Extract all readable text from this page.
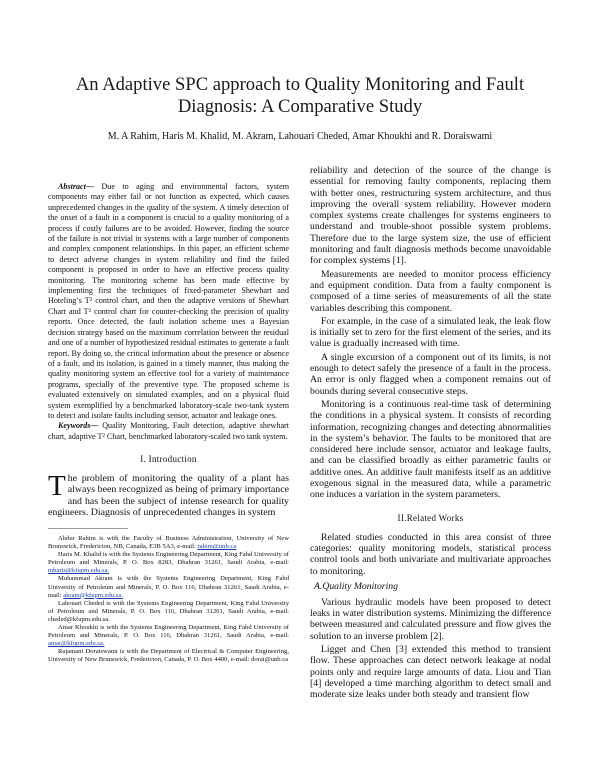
An Adaptive SPC approach to Quality Monitoring and Fault Diagnosis: A Comparative Study
M. A Rahim, Haris M. Khalid, M. Akram, Lahouari Cheded, Amar Khoukhi and R. Doraiswami

Abstract— Due to aging and environmental factors, system components may either fail or not function as expected, which causes unprecedented changes in the quality of the system. A timely detection of the onset of a fault in a component is crucial to a quality monitoring of a process if costly failures are to be avoided. However, finding the source of the failure is not trivial in systems with a large number of components and complex component relationships. In this paper, an efficient scheme to detect adverse changes in system reliability and find the failed component is proposed in order to have an effective process quality monitoring. The monitoring scheme has been made effective by implementing first the techniques of fixed-parameter Shewhart and Hoteling’s T² control chart, and then the adaptive versions of Shewhart Chart and T² control chart for counter-checking the precision of quality reports. Once detected, the fault isolation scheme uses a Bayesian decision strategy based on the maximum correlation between the residual and one of a number of hypothesized residual estimates to generate a fault report. By doing so, the critical information about the presence or absence of a fault, and its isolation, is gained in a timely manner, thus making the quality monitoring system an effective tool for a variety of maintenance programs, specially of the preventive type. The proposed scheme is evaluated extensively on simulated examples, and on a physical fluid system exemplified by a benchmarked laboratory-scale two-tank system to detect and isolate faults including sensor, actuator and leakage ones.

Keywords— Quality Monitoring, Fault detection, adaptive shewhart chart, adaptive T² Chart, benchmarked laboratory-scaled two tank system.

I. Introduction

The problem of monitoring the quality of a plant has always been recognized as being of primary importance and has been the subject of intense research for quality engineers. Diagnosis of unprecedented changes in system

Abdur Rahim is with the Faculty of Business Administration, University of New Brunswick, Fredericton, NB, Canada, E3B 5A3, e-mail: rahim@unb.ca

Haris M. Khalid is with the Systems Engineering Department, King Fahd University of Petroleum and Minerals, P. O. Box 8283, Dhahran 31261, Saudi Arabia, e-mail: mharis@kfupm.edu.sa.

Muhammad Akram is with the Systems Engineering Department, King Fahd University of Petroleum and Minerals, P. O. Box 116, Dhahran 31261, Saudi Arabia, e-mail: akram@kfupm.edu.sa.

Lahouari Cheded is with the Systems Engineering Department, King Fahd University of Petroleum and Minerals, P. O. Box 116, Dhahran 31261, Saudi Arabia, e-mail: cheded@kfupm.edu.sa.

Amar Khoukhi is with the Systems Engineering Department, King Fahd University of Petroleum and Minerals, P. O. Box 116, Dhahran 31261, Saudi Arabia, e-mail: amar@kfupm.edu.sa.

Rajamani Doraiswami is with the Department of Electrical & Computer Engineering, University of New Brunswick, Fredericton, Canada, P. O. Box 4400, e-mail: dorai@unb.ca

reliability and detection of the source of the change is essential for removing faulty components, replacing them with better ones, restructuring system architecture, and thus improving the overall system reliability. However modern complex systems create challenges for systems engineers to understand and trouble-shoot possible system problems. Therefore due to the large system size, the use of efficient monitoring and fault diagnosis methods become unavoidable for complex systems [1].

Measurements are needed to monitor process efficiency and equipment condition. Data from a faulty component is composed of a time series of measurements of all the state variables describing this component.

For example, in the case of a simulated leak, the leak flow is initially set to zero for the first element of the series, and its value is gradually increased with time.

A single excursion of a component out of its limits, is not enough to detect safely the presence of a fault in the process. An error is only flagged when a component remains out of bounds during several consecutive steps.

Monitoring is a continuous real-time task of determining the conditions in a physical system. It consists of recording information, recognizing changes and detecting abnormalities in the system’s behavior. The faults to be monitored that are considered here include sensor, actuator and leakage faults, and can be classified broadly as either parametric faults or additive ones. An additive fault manifests itself as an additive exogenous signal in the measured data, while a parametric one induces a variation in the system parameters.

II.Related Works

Related studies conducted in this area consist of three categories: quality monitoring models, statistical process control tools and both univariate and multivariate approaches to monitoring.

A.Quality Monitoring

Various hydraulic models have been proposed to detect leaks in water distribution systems. Minimizing the difference between measured and calculated pressure and flow gives the solution to an inverse problem [2].

Ligget and Chen [3] extended this method to transient flow. These approaches can detect network leakage at nodal points only and require large amounts of data. Liou and Tian [4] developed a time marching algorithm to detect small and moderate size leaks under both steady and transient flow
